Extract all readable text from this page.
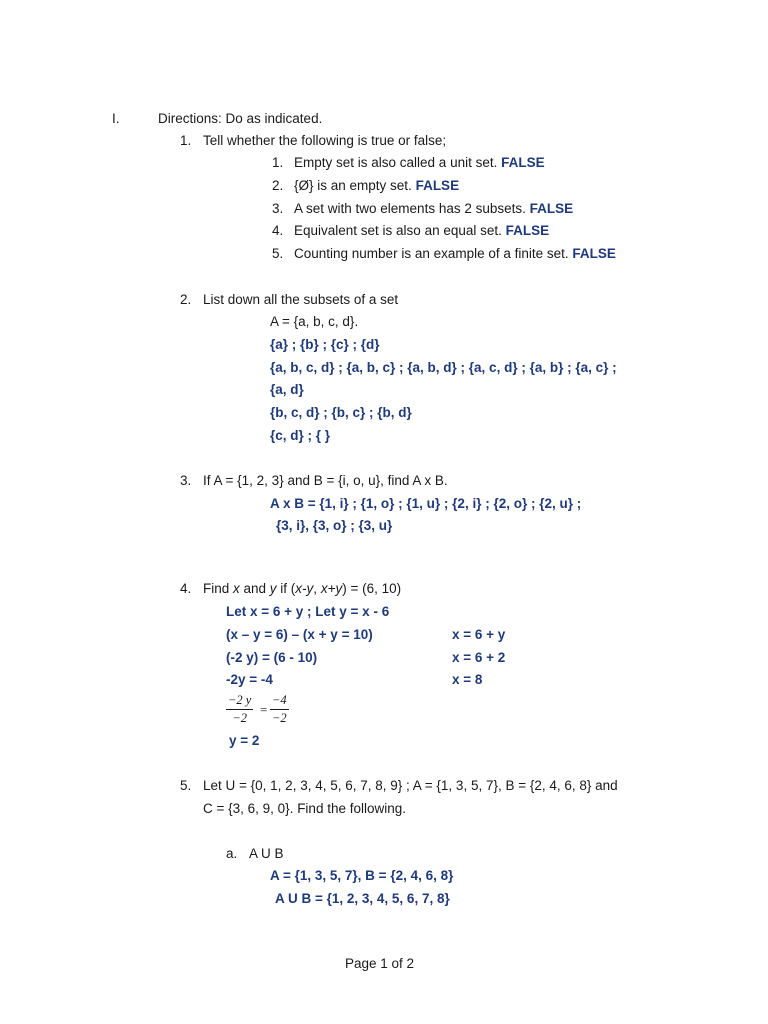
I.	Directions: Do as indicated.
1. Tell whether the following is true or false;
1. Empty set is also called a unit set. FALSE
2. {Ø} is an empty set. FALSE
3. A set with two elements has 2 subsets. FALSE
4. Equivalent set is also an equal set. FALSE
5. Counting number is an example of a finite set. FALSE
2. List down all the subsets of a set
A = {a, b, c, d}.
{a} ; {b} ; {c} ; {d}
{a, b, c, d} ; {a, b, c} ; {a, b, d} ; {a, c, d} ; {a, b} ; {a, c} ;
{a, d}
{b, c, d} ; {b, c} ; {b, d}
{c, d} ; { }
3. If A = {1, 2, 3} and B = {i, o, u}, find A x B.
A x B = {1, i} ; {1, o} ; {1, u} ; {2, i} ; {2, o} ; {2, u} ;
{3, i}, {3, o} ; {3, u}
4. Find x and y if (x-y, x+y) = (6, 10)
Let x = 6 + y ; Let y = x - 6
(x – y = 6) – (x + y = 10)	x = 6 + y
(-2 y) = (6 - 10)	x = 6 + 2
-2y = -4	x = 8
$\frac{-2 y}{-2} = \frac{-4}{-2}$
y = 2
5. Let U = {0, 1, 2, 3, 4, 5, 6, 7, 8, 9} ; A = {1, 3, 5, 7}, B = {2, 4, 6, 8} and
C = {3, 6, 9, 0}. Find the following.
a. A U B
A = {1, 3, 5, 7}, B = {2, 4, 6, 8}
A U B = {1, 2, 3, 4, 5, 6, 7, 8}
Page 1 of 2
